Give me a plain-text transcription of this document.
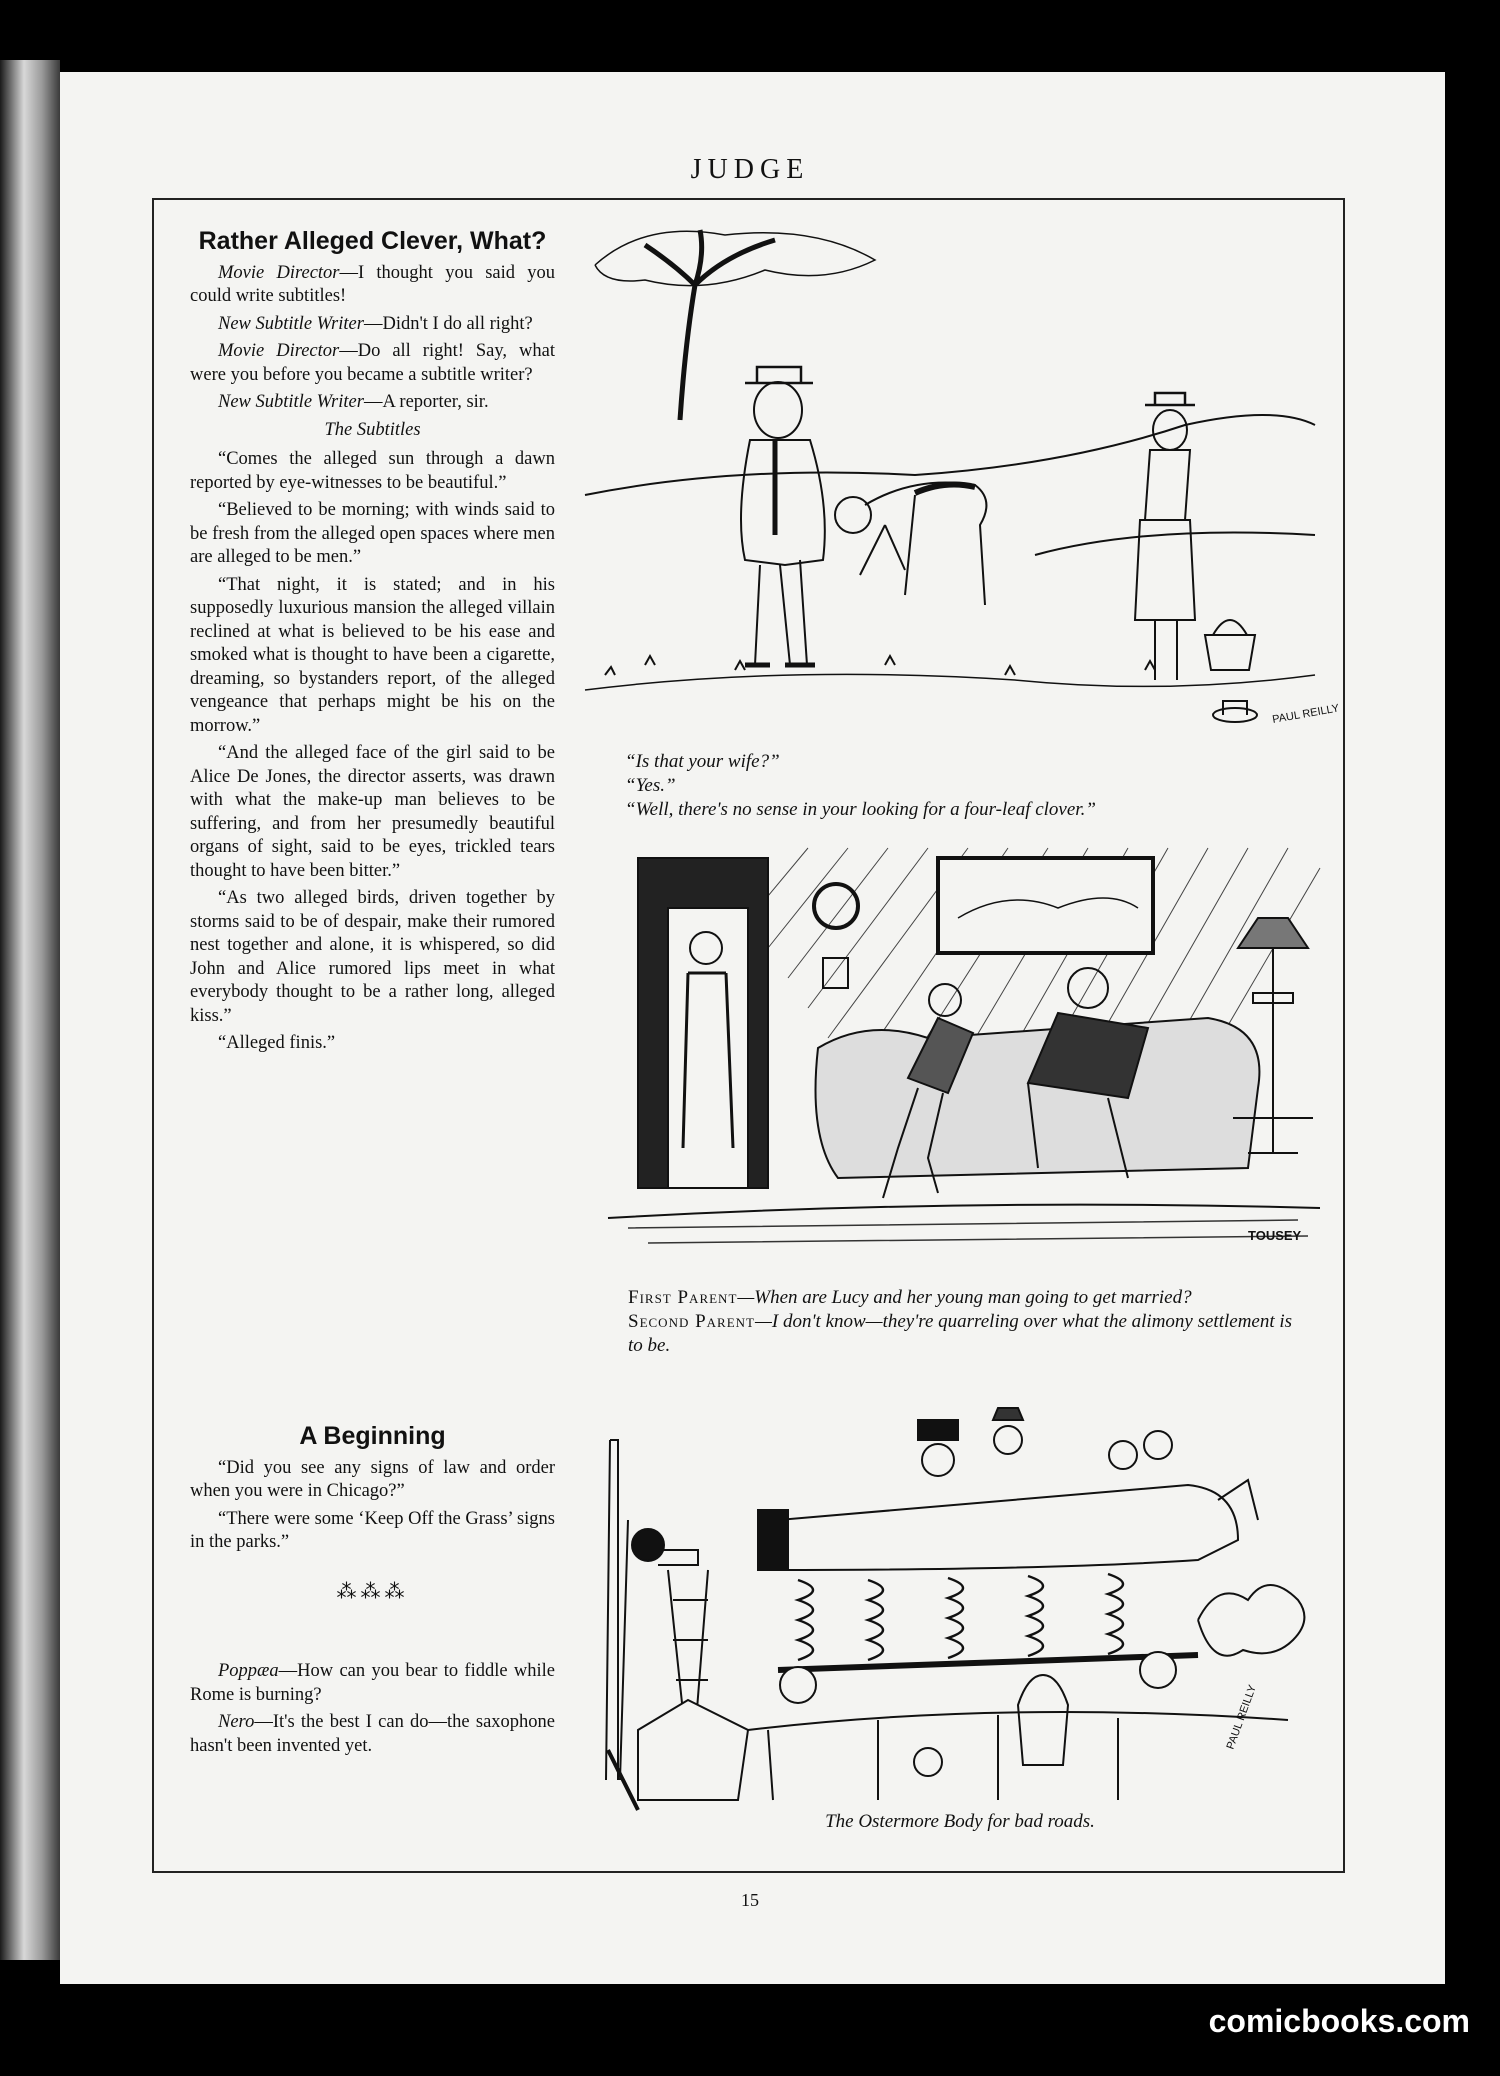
JUDGE
Rather Alleged Clever, What?

Movie Director—I thought you said you could write subtitles!

New Subtitle Writer—Didn't I do all right?

Movie Director—Do all right! Say, what were you before you became a subtitle writer?

New Subtitle Writer—A reporter, sir.

The Subtitles

“Comes the alleged sun through a dawn reported by eye-witnesses to be beautiful.”

“Believed to be morning; with winds said to be fresh from the alleged open spaces where men are alleged to be men.”

“That night, it is stated; and in his supposedly luxurious mansion the alleged villain reclined at what is believed to be his ease and smoked what is thought to have been a cigarette, dreaming, so bystanders report, of the alleged vengeance that perhaps might be his on the morrow.”

“And the alleged face of the girl said to be Alice De Jones, the director asserts, was drawn with what the make-up man believes to be suffering, and from her presumedly beautiful organs of sight, said to be eyes, trickled tears thought to have been bitter.”

“As two alleged birds, driven together by storms said to be of despair, make their rumored nest together and alone, it is whispered, so did John and Alice rumored lips meet in what everybody thought to be a rather long, alleged kiss.”

“Alleged finis.”

A Beginning

“Did you see any signs of law and order when you were in Chicago?”

“There were some ‘Keep Off the Grass’ signs in the parks.”

⁂⁂⁂

Poppæa—How can you bear to fiddle while Rome is burning?

Nero—It's the best I can do—the saxophone hasn't been invented yet.

PAUL REILLY
“Is that your wife?”
“Yes.”
“Well, there's no sense in your looking for a four-leaf clover.”
TOUSEY
First Parent—When are Lucy and her young man going to get married?
Second Parent—I don't know—they're quarreling over what the alimony settlement is to be.
PAUL REILLY
The Ostermore Body for bad roads.
15
comicbooks.com
